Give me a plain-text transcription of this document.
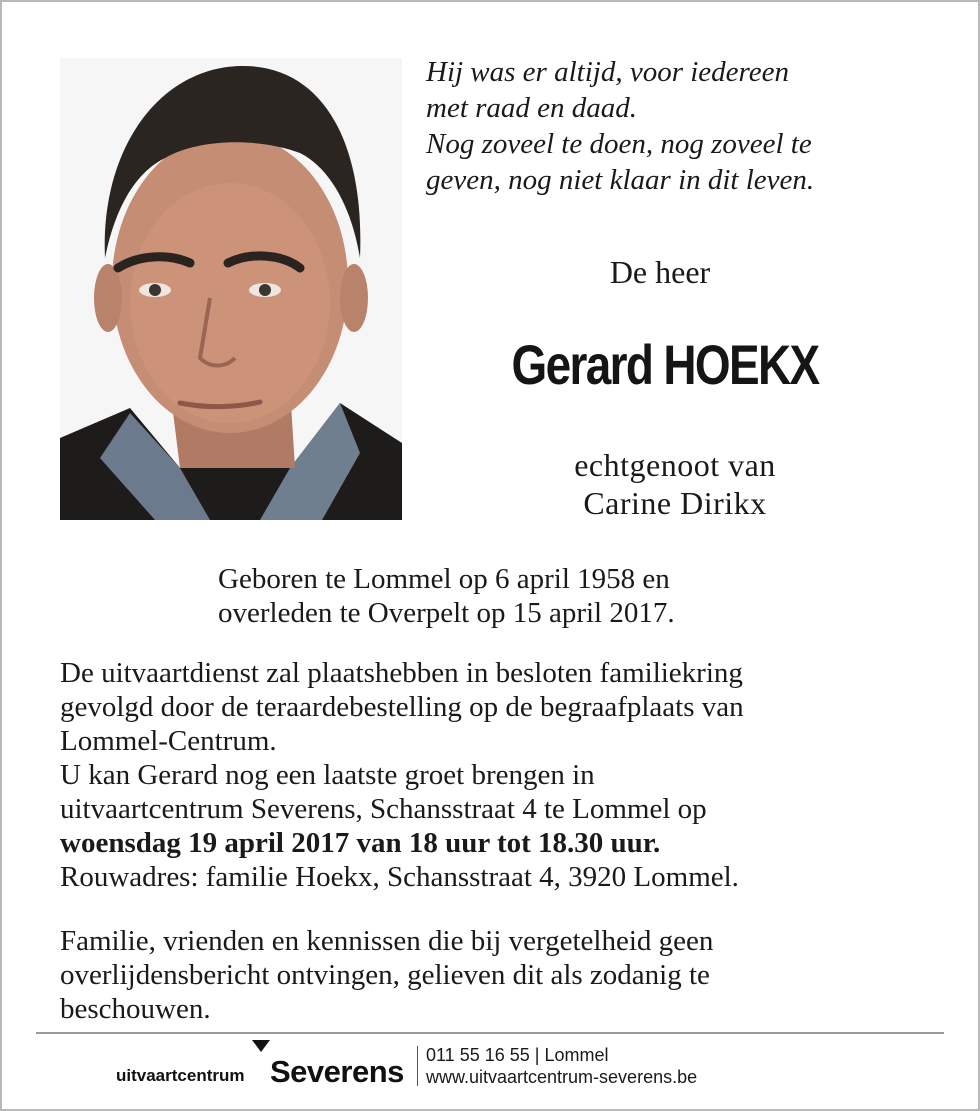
Hij was er altijd, voor iedereen
met raad en daad.
Nog zoveel te doen, nog zoveel te
geven, nog niet klaar in dit leven.
De heer
Gerard HOEKX
echtgenoot van
Carine Dirikx
Geboren te Lommel op 6 april 1958 en
overleden te Overpelt op 15 april 2017.
De uitvaartdienst zal plaatshebben in besloten familiekring
gevolgd door de teraardebestelling op de begraafplaats van
Lommel-Centrum.
U kan Gerard nog een laatste groet brengen in
uitvaartcentrum Severens, Schansstraat 4 te Lommel op
woensdag 19 april 2017 van 18 uur tot 18.30 uur.
Rouwadres: familie Hoekx, Schansstraat 4, 3920 Lommel.
Familie, vrienden en kennissen die bij vergetelheid geen
overlijdensbericht ontvingen, gelieven dit als zodanig te
beschouwen.
uitvaartcentrum Severens 011 55 16 55 | Lommel
www.uitvaartcentrum-severens.be
